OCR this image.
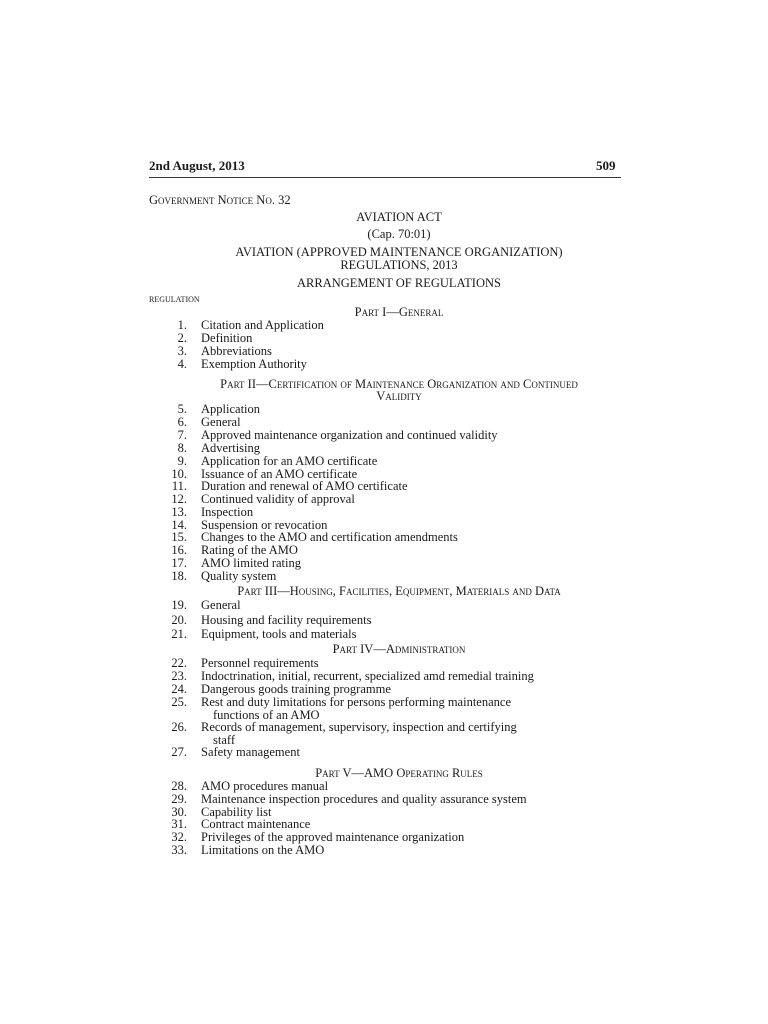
2nd August, 2013	509
Government Notice No. 32
AVIATION ACT
(Cap. 70:01)
AVIATION (APPROVED MAINTENANCE ORGANIZATION)
REGULATIONS, 2013
ARRANGEMENT OF REGULATIONS
regulation
Part I—General
Part II—Certification of Maintenance Organization and Continued
Validity
Part III—Housing, Facilities, Equipment, Materials and Data
Part IV—Administration
Part V—AMO Operating Rules
1. Citation and Application
2. Definition
3. Abbreviations
4. Exemption Authority
5. Application
6. General
7. Approved maintenance organization and continued validity
8. Advertising
9. Application for an AMO certificate
10. Issuance of an AMO certificate
11. Duration and renewal of AMO certificate
12. Continued validity of approval
13. Inspection
14. Suspension or revocation
15. Changes to the AMO and certification amendments
16. Rating of the AMO
17. AMO limited rating
18. Quality system
19. General
20. Housing and facility requirements
21. Equipment, tools and materials
22. Personnel requirements
23. Indoctrination, initial, recurrent, specialized amd remedial training
24. Dangerous goods training programme
25. Rest and duty limitations for persons performing maintenance
functions of an AMO
26. Records of management, supervisory, inspection and certifying
staff
27. Safety management
28. AMO procedures manual
29. Maintenance inspection procedures and quality assurance system
30. Capability list
31. Contract maintenance
32. Privileges of the approved maintenance organization
33. Limitations on the AMO
